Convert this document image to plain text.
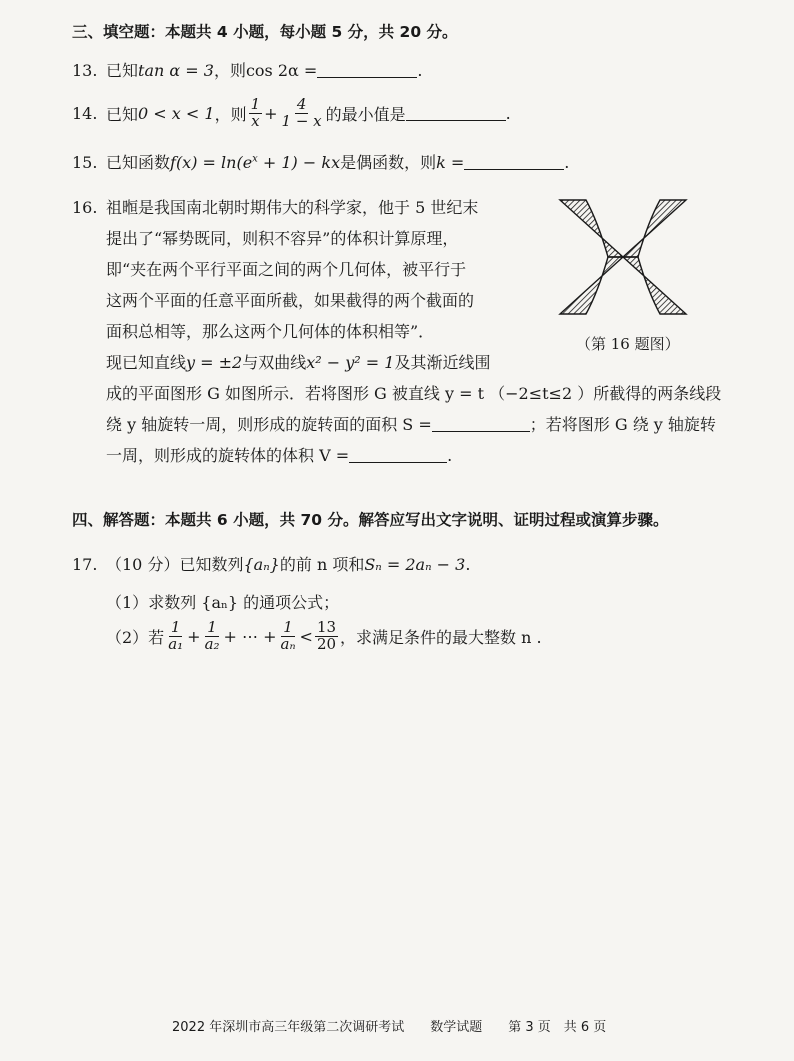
三、填空题：本题共 4 小题，每小题 5 分，共 20 分。
13. 已知tan α = 3，则cos 2α =	.
14. 已知 0 < x < 1 ，则 $\frac{1}{x} + \frac{4}{1 - x}$ 的最小值是	.
15. 已知函数$f(x) = \ln(e^x + 1)$ − kx是偶函数，则k =	.
16. 祖暅是我国南北朝时期伟大的科学家，他于 5 世纪末
提出了“幂势既同，则积不容异”的体积计算原理，
即“夹在两个平行平面之间的两个几何体，被平行于
这两个平面的任意平面所截，如果截得的两个截面的
面积总相等，那么这两个几何体的体积相等”．
现已知直线y = ±2与双曲线x² − y² = 1及其渐近线围
成的平面图形 G 如图所示．若将图形 G 被直线 y = t （−2≤t≤2 ）所截得的两条线段
绕 y 轴旋转一周，则形成的旋转面的面积 S =	；若将图形 G 绕 y 轴旋转
一周，则形成的旋转体的体积 V =	.
（第 16 题图）
四、解答题：本题共 6 小题，共 70 分。解答应写出文字说明、证明过程或演算步骤。
17. （10 分）已知数列{aₙ}的前 n 项和Sₙ = 2aₙ − 3.
（1）求数列 {aₙ} 的通项公式；
（2）若 $\frac{1}{\text{a₁}} + \frac{1}{\text{a₂}}$ + ⋯ + $\frac{1}{\text{aₙ}} < \frac{13}{20}$ ，求满足条件的最大整数 n .
2022 年深圳市高三年级第二次调研考试　　数学试题　　第 3 页　共 6 页
